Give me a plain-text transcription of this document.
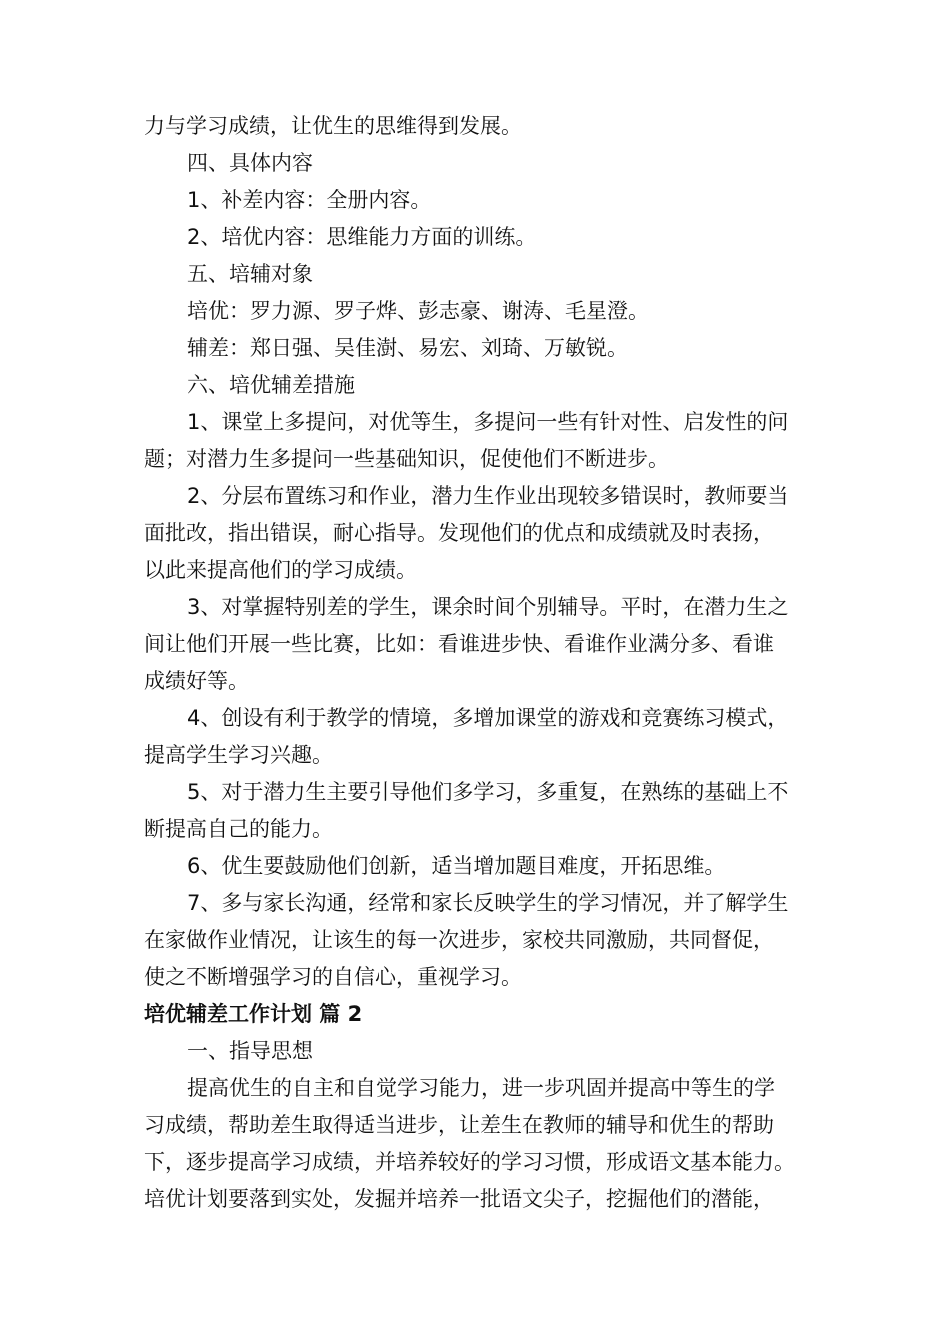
力与学习成绩，让优生的思维得到发展。
四、具体内容
1、补差内容：全册内容。
2、培优内容：思维能力方面的训练。
五、培辅对象
培优：罗力源、罗子烨、彭志豪、谢涛、毛星澄。
辅差：郑日强、吴佳澍、易宏、刘琦、万敏锐。
六、培优辅差措施
1、课堂上多提问，对优等生，多提问一些有针对性、启发性的问
题；对潜力生多提问一些基础知识，促使他们不断进步。
2、分层布置练习和作业，潜力生作业出现较多错误时，教师要当
面批改，指出错误，耐心指导。发现他们的优点和成绩就及时表扬，
以此来提高他们的学习成绩。
3、对掌握特别差的学生，课余时间个别辅导。平时，在潜力生之
间让他们开展一些比赛，比如：看谁进步快、看谁作业满分多、看谁
成绩好等。
4、创设有利于教学的情境，多增加课堂的游戏和竞赛练习模式，
提高学生学习兴趣。
5、对于潜力生主要引导他们多学习，多重复，在熟练的基础上不
断提高自己的能力。
6、优生要鼓励他们创新，适当增加题目难度，开拓思维。
7、多与家长沟通，经常和家长反映学生的学习情况，并了解学生
在家做作业情况，让该生的每一次进步，家校共同激励，共同督促，
使之不断增强学习的自信心，重视学习。
培优辅差工作计划 篇 2
一、指导思想
提高优生的自主和自觉学习能力，进一步巩固并提高中等生的学
习成绩，帮助差生取得适当进步，让差生在教师的辅导和优生的帮助
下，逐步提高学习成绩，并培养较好的学习习惯，形成语文基本能力。
培优计划要落到实处，发掘并培养一批语文尖子，挖掘他们的潜能，
